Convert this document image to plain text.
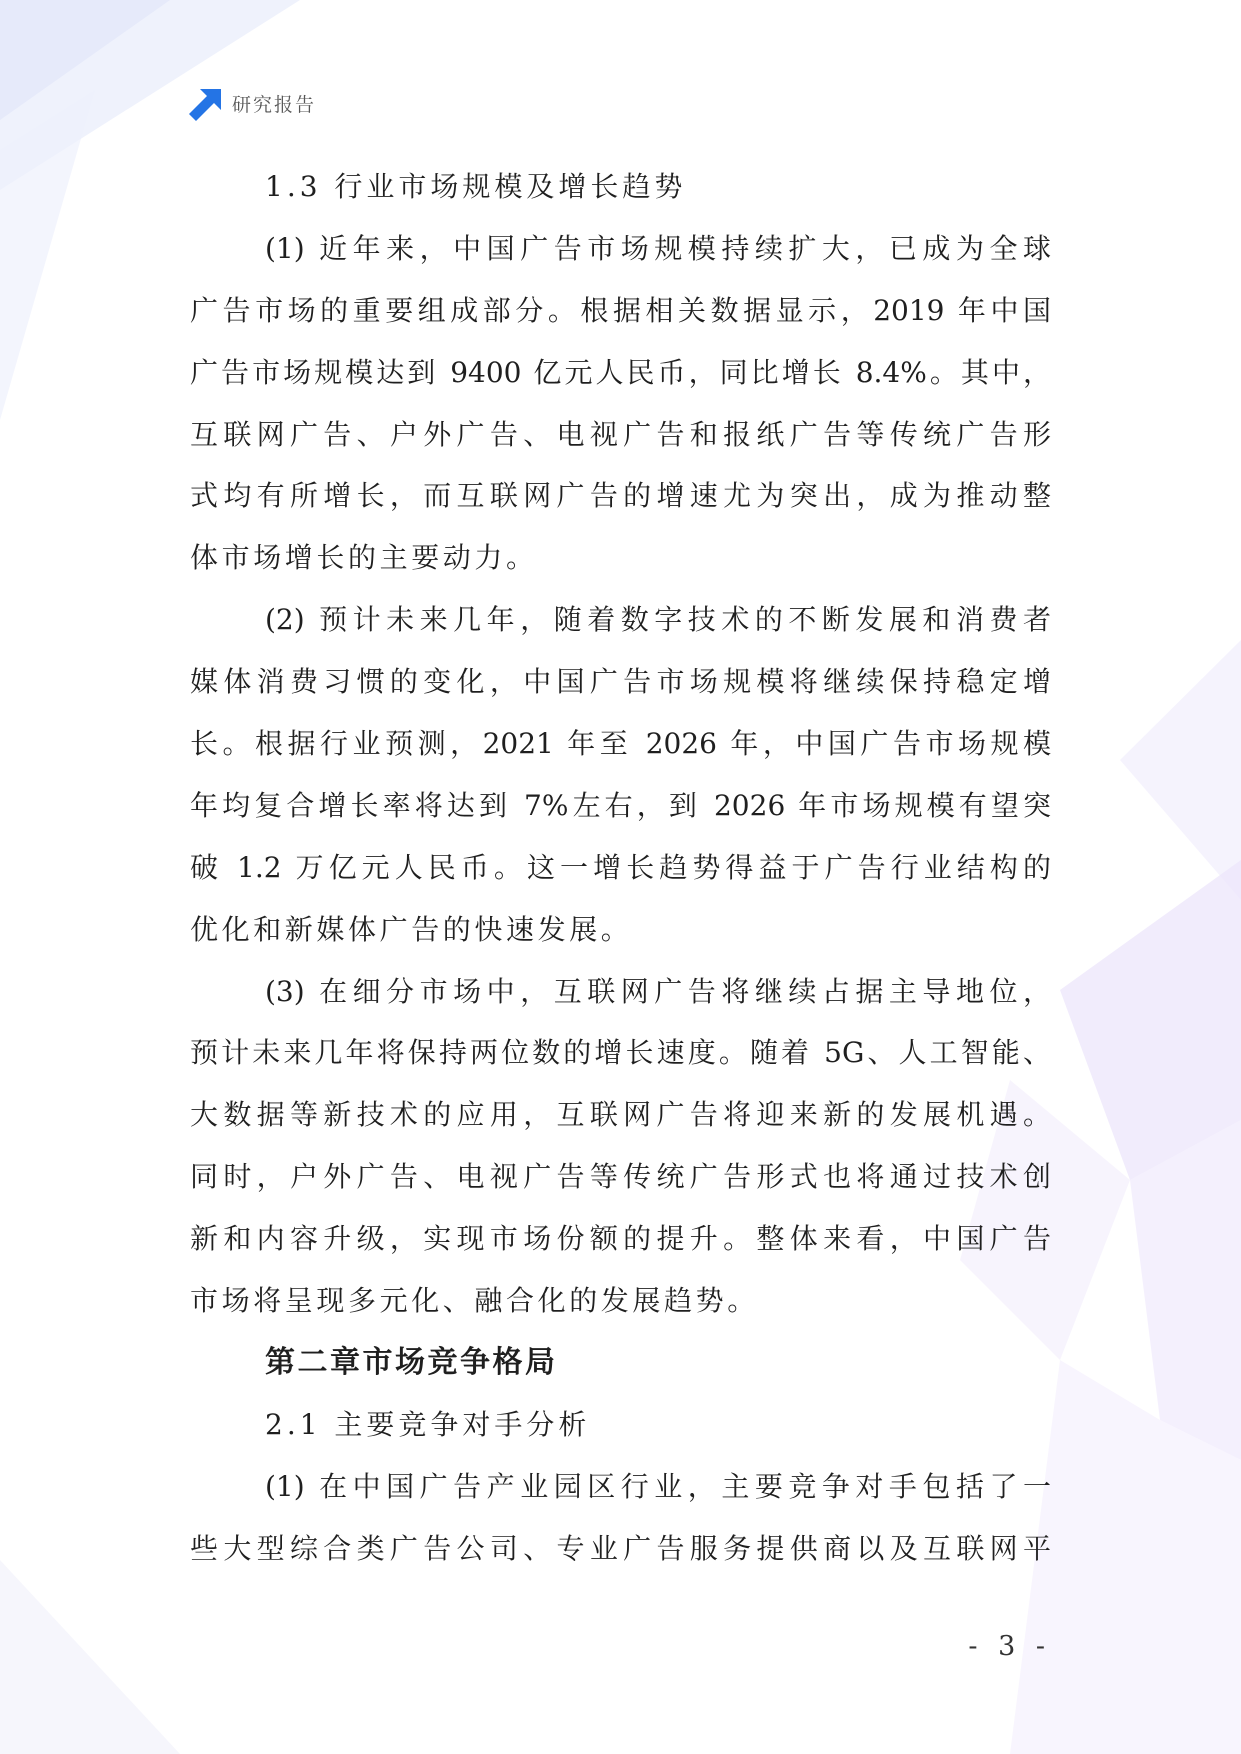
研究报告
1.3 行业市场规模及增长趋势
(1) 近年来，中国广告市场规模持续扩大，已成为全球
广告市场的重要组成部分。根据相关数据显示，2019 年中国
广告市场规模达到 9400 亿元人民币，同比增长 8.4%。其中，
互联网广告、户外广告、电视广告和报纸广告等传统广告形
式均有所增长，而互联网广告的增速尤为突出，成为推动整
体市场增长的主要动力。
(2) 预计未来几年，随着数字技术的不断发展和消费者
媒体消费习惯的变化，中国广告市场规模将继续保持稳定增
长。根据行业预测，2021 年至 2026 年，中国广告市场规模
年均复合增长率将达到 7%左右，到 2026 年市场规模有望突
破 1.2 万亿元人民币。这一增长趋势得益于广告行业结构的
优化和新媒体广告的快速发展。
(3) 在细分市场中，互联网广告将继续占据主导地位，
预计未来几年将保持两位数的增长速度。随着 5G、人工智能、
大数据等新技术的应用，互联网广告将迎来新的发展机遇。
同时，户外广告、电视广告等传统广告形式也将通过技术创
新和内容升级，实现市场份额的提升。整体来看，中国广告
市场将呈现多元化、融合化的发展趋势。
第二章市场竞争格局
2.1 主要竞争对手分析
(1) 在中国广告产业园区行业，主要竞争对手包括了一
些大型综合类广告公司、专业广告服务提供商以及互联网平
- 3 -
